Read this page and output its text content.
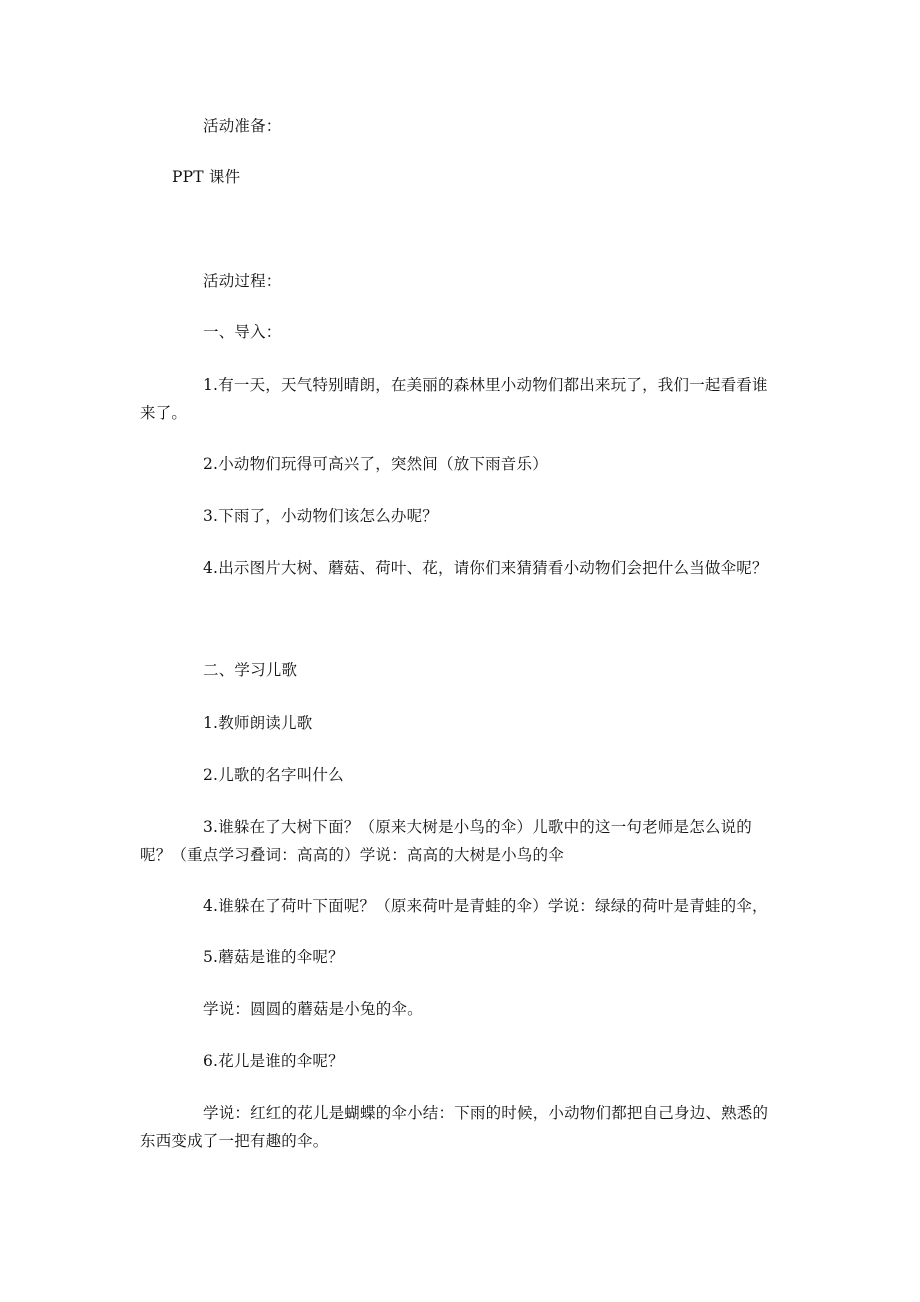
活动准备：
PPT 课件
活动过程：
一、导入：
1.有一天，天气特别晴朗，在美丽的森林里小动物们都出来玩了，我们一起看看谁
来了。
2.小动物们玩得可高兴了，突然间（放下雨音乐）
3.下雨了，小动物们该怎么办呢？
4.出示图片大树、蘑菇、荷叶、花，请你们来猜猜看小动物们会把什么当做伞呢？
二、学习儿歌
1.教师朗读儿歌
2.儿歌的名字叫什么
3.谁躲在了大树下面？（原来大树是小鸟的伞）儿歌中的这一句老师是怎么说的
呢？（重点学习叠词：高高的）学说：高高的大树是小鸟的伞
4.谁躲在了荷叶下面呢？（原来荷叶是青蛙的伞）学说：绿绿的荷叶是青蛙的伞，
5.蘑菇是谁的伞呢？
学说：圆圆的蘑菇是小兔的伞。
6.花儿是谁的伞呢？
学说：红红的花儿是蝴蝶的伞小结：下雨的时候，小动物们都把自己身边、熟悉的
东西变成了一把有趣的伞。
